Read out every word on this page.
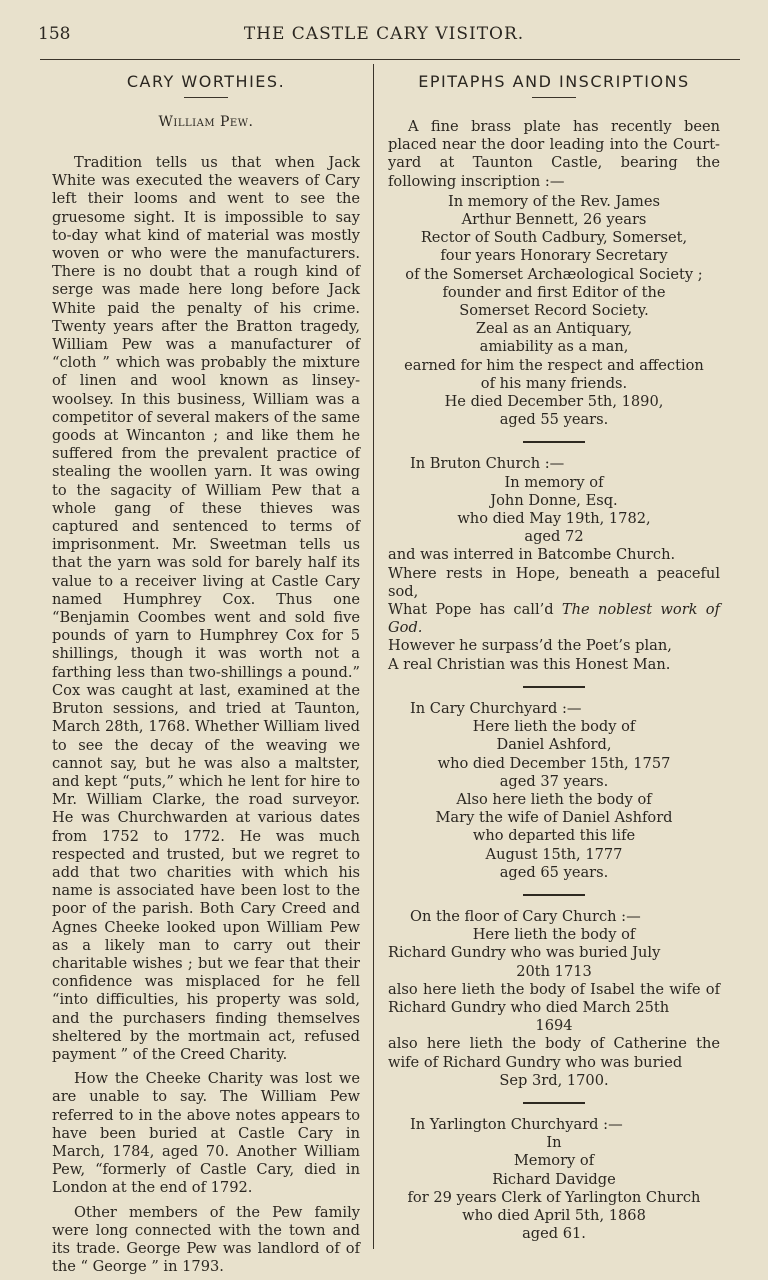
158	THE CASTLE CARY VISITOR.
CARY WORTHIES.
William Pew.

Tradition tells us that when Jack White was executed the weavers of Cary left their looms and went to see the gruesome sight. It is impossible to say to-day what kind of material was mostly woven or who were the manufacturers. There is no doubt that a rough kind of serge was made here long before Jack White paid the penalty of his crime. Twenty years after the Bratton tragedy, William Pew was a manufacturer of “cloth ” which was probably the mixture of linen and wool known as linsey-woolsey. In this business, William was a competitor of several makers of the same goods at Wincanton ; and like them he suffered from the prevalent practice of stealing the woollen yarn. It was owing to the sagacity of William Pew that a whole gang of these thieves was captured and sentenced to terms of imprisonment. Mr. Sweetman tells us that the yarn was sold for barely half its value to a receiver living at Castle Cary named Humphrey Cox. Thus one “Benjamin Coombes went and sold five pounds of yarn to Humphrey Cox for 5 shillings, though it was worth not a farthing less than two-shillings a pound.” Cox was caught at last, examined at the Bruton sessions, and tried at Taunton, March 28th, 1768. Whether William lived to see the decay of the weaving we cannot say, but he was also a maltster, and kept “puts,” which he lent for hire to Mr. William Clarke, the road surveyor. He was Churchwarden at various dates from 1752 to 1772. He was much respected and trusted, but we regret to add that two charities with which his name is associated have been lost to the poor of the parish. Both Cary Creed and Agnes Cheeke looked upon William Pew as a likely man to carry out their charitable wishes ; but we fear that their confidence was misplaced for he fell “into difficulties, his property was sold, and the purchasers finding themselves sheltered by the mortmain act, refused payment ” of the Creed Charity.

How the Cheeke Charity was lost we are unable to say. The William Pew referred to in the above notes appears to have been buried at Castle Cary in March, 1784, aged 70. Another William Pew, “formerly of Castle Cary, died in London at the end of 1792.

Other members of the Pew family were long connected with the town and its trade. George Pew was landlord of of the “ George ” in 1793.

EPITAPHS AND INSCRIPTIONS

A fine brass plate has recently been placed near the door leading into the Court-yard at Taunton Castle, bearing the following inscription :—

In memory of the Rev. James
Arthur Bennett, 26 years
Rector of South Cadbury, Somerset,
four years Honorary Secretary
of the Somerset Archæological Society ;
founder and first Editor of the
Somerset Record Society.
Zeal as an Antiquary,
amiability as a man,
earned for him the respect and affection
of his many friends.
He died December 5th, 1890,
aged 55 years.
In Bruton Church :—
In memory of
John Donne, Esq.
who died May 19th, 1782,
aged 72
and was interred in Batcombe Church.
Where rests in Hope, beneath a peaceful sod,
What Pope has call’d The noblest work of God.
However he surpass’d the Poet’s plan,
A real Christian was this Honest Man.
In Cary Churchyard :—
Here lieth the body of
Daniel Ashford,
who died December 15th, 1757
aged 37 years.
Also here lieth the body of
Mary the wife of Daniel Ashford
who departed this life
August 15th, 1777
aged 65 years.
On the floor of Cary Church :—
Here lieth the body of
Richard Gundry who was buried July
20th 1713
also here lieth the body of Isabel the wife of Richard Gundry who died March 25th
1694
also here lieth the body of Catherine the wife of Richard Gundry who was buried
Sep 3rd, 1700.
In Yarlington Churchyard :—
In
Memory of
Richard Davidge
for 29 years Clerk of Yarlington Church
who died April 5th, 1868
aged 61.
